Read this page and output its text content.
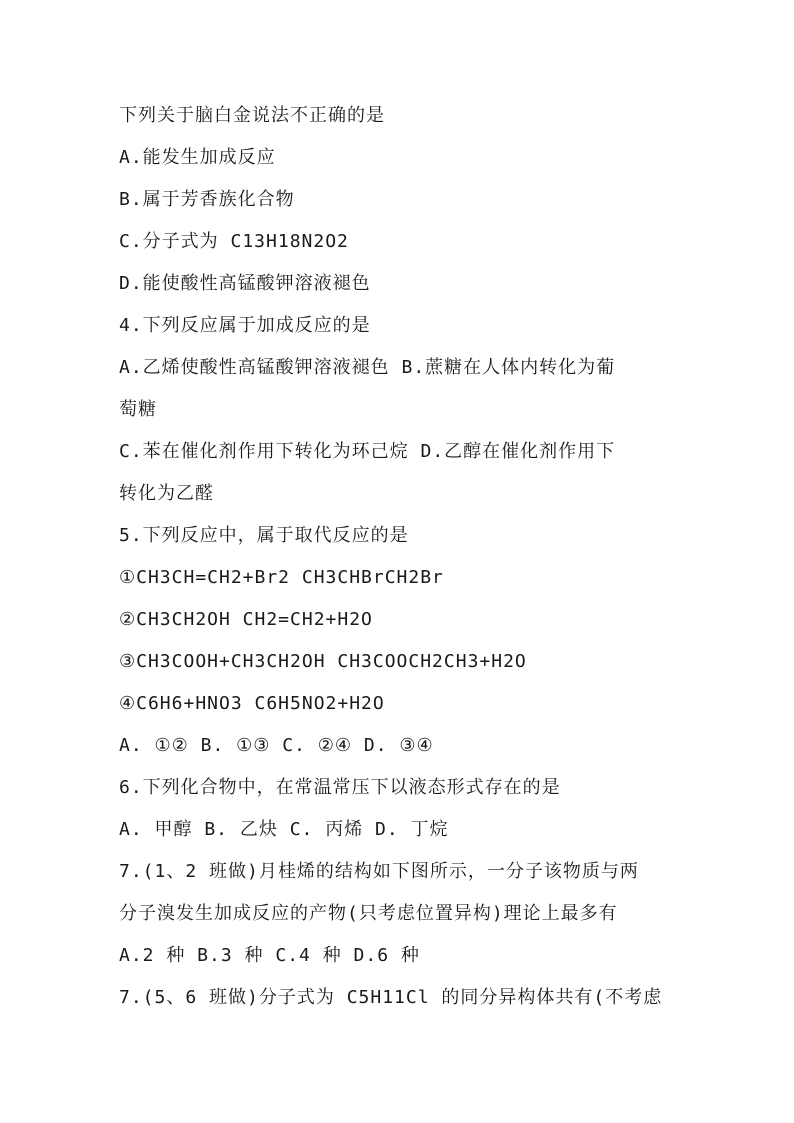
下列关于脑白金说法不正确的是
A.能发生加成反应
B.属于芳香族化合物
C.分子式为 C13H18N2O2
D.能使酸性高锰酸钾溶液褪色
4.下列反应属于加成反应的是
A.乙烯使酸性高锰酸钾溶液褪色 B.蔗糖在人体内转化为葡
萄糖
C.苯在催化剂作用下转化为环己烷 D.乙醇在催化剂作用下
转化为乙醛
5.下列反应中，属于取代反应的是
①CH3CH=CH2+Br2 CH3CHBrCH2Br
②CH3CH2OH CH2=CH2+H2O
③CH3COOH+CH3CH2OH CH3COOCH2CH3+H2O
④C6H6+HNO3 C6H5NO2+H2O
A. ①② B. ①③ C. ②④ D. ③④
6.下列化合物中，在常温常压下以液态形式存在的是
A. 甲醇 B. 乙炔 C. 丙烯 D. 丁烷
7.(1、2 班做)月桂烯的结构如下图所示，一分子该物质与两
分子溴发生加成反应的产物(只考虑位置异构)理论上最多有
A.2 种 B.3 种 C.4 种 D.6 种
7.(5、6 班做)分子式为 C5H11Cl 的同分异构体共有(不考虑
